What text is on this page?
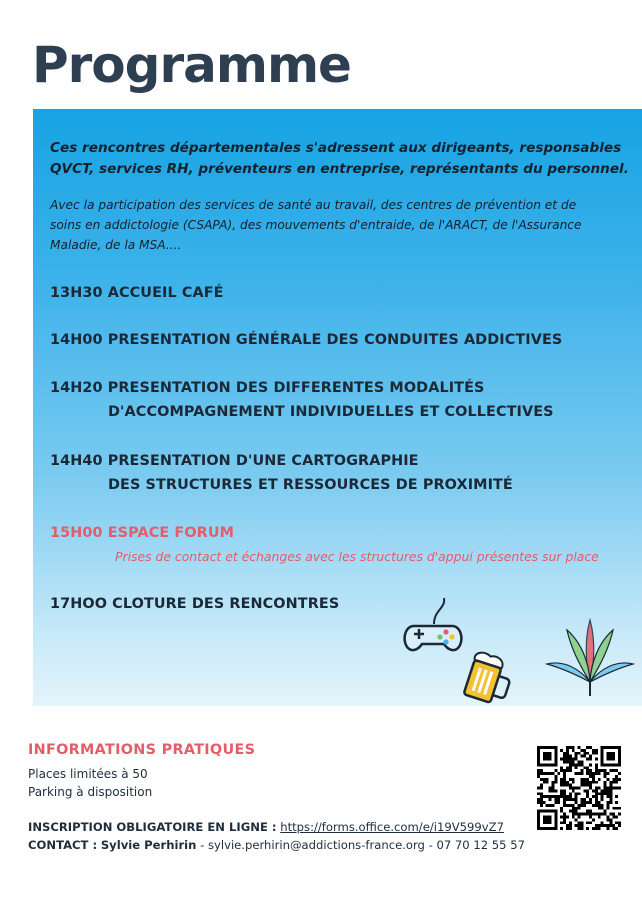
Programme

Ces rencontres départementales s'adressent aux dirigeants, responsables QVCT, services RH, préventeurs en entreprise, représentants du personnel.

Avec la participation des services de santé au travail, des centres de prévention et de soins en addictologie (CSAPA), des mouvements d'entraide, de l'ARACT, de l'Assurance Maladie, de la MSA....

13H30 ACCUEIL CAFÉ
14H00 PRESENTATION GÉNÉRALE DES CONDUITES ADDICTIVES
14H20 PRESENTATION DES DIFFERENTES MODALITÉS
D'ACCOMPAGNEMENT INDIVIDUELLES ET COLLECTIVES
14H40 PRESENTATION D'UNE CARTOGRAPHIE
DES STRUCTURES ET RESSOURCES DE PROXIMITÉ
15H00 ESPACE FORUM
Prises de contact et échanges avec les structures d'appui présentes sur place
17HOO CLOTURE DES RENCONTRES
INFORMATIONS PRATIQUES
Places limitées à 50
Parking à disposition
INSCRIPTION OBLIGATOIRE EN LIGNE : https://forms.office.com/e/i19V599vZ7
CONTACT : Sylvie Perhirin - sylvie.perhirin@addictions-france.org - 07 70 12 55 57
